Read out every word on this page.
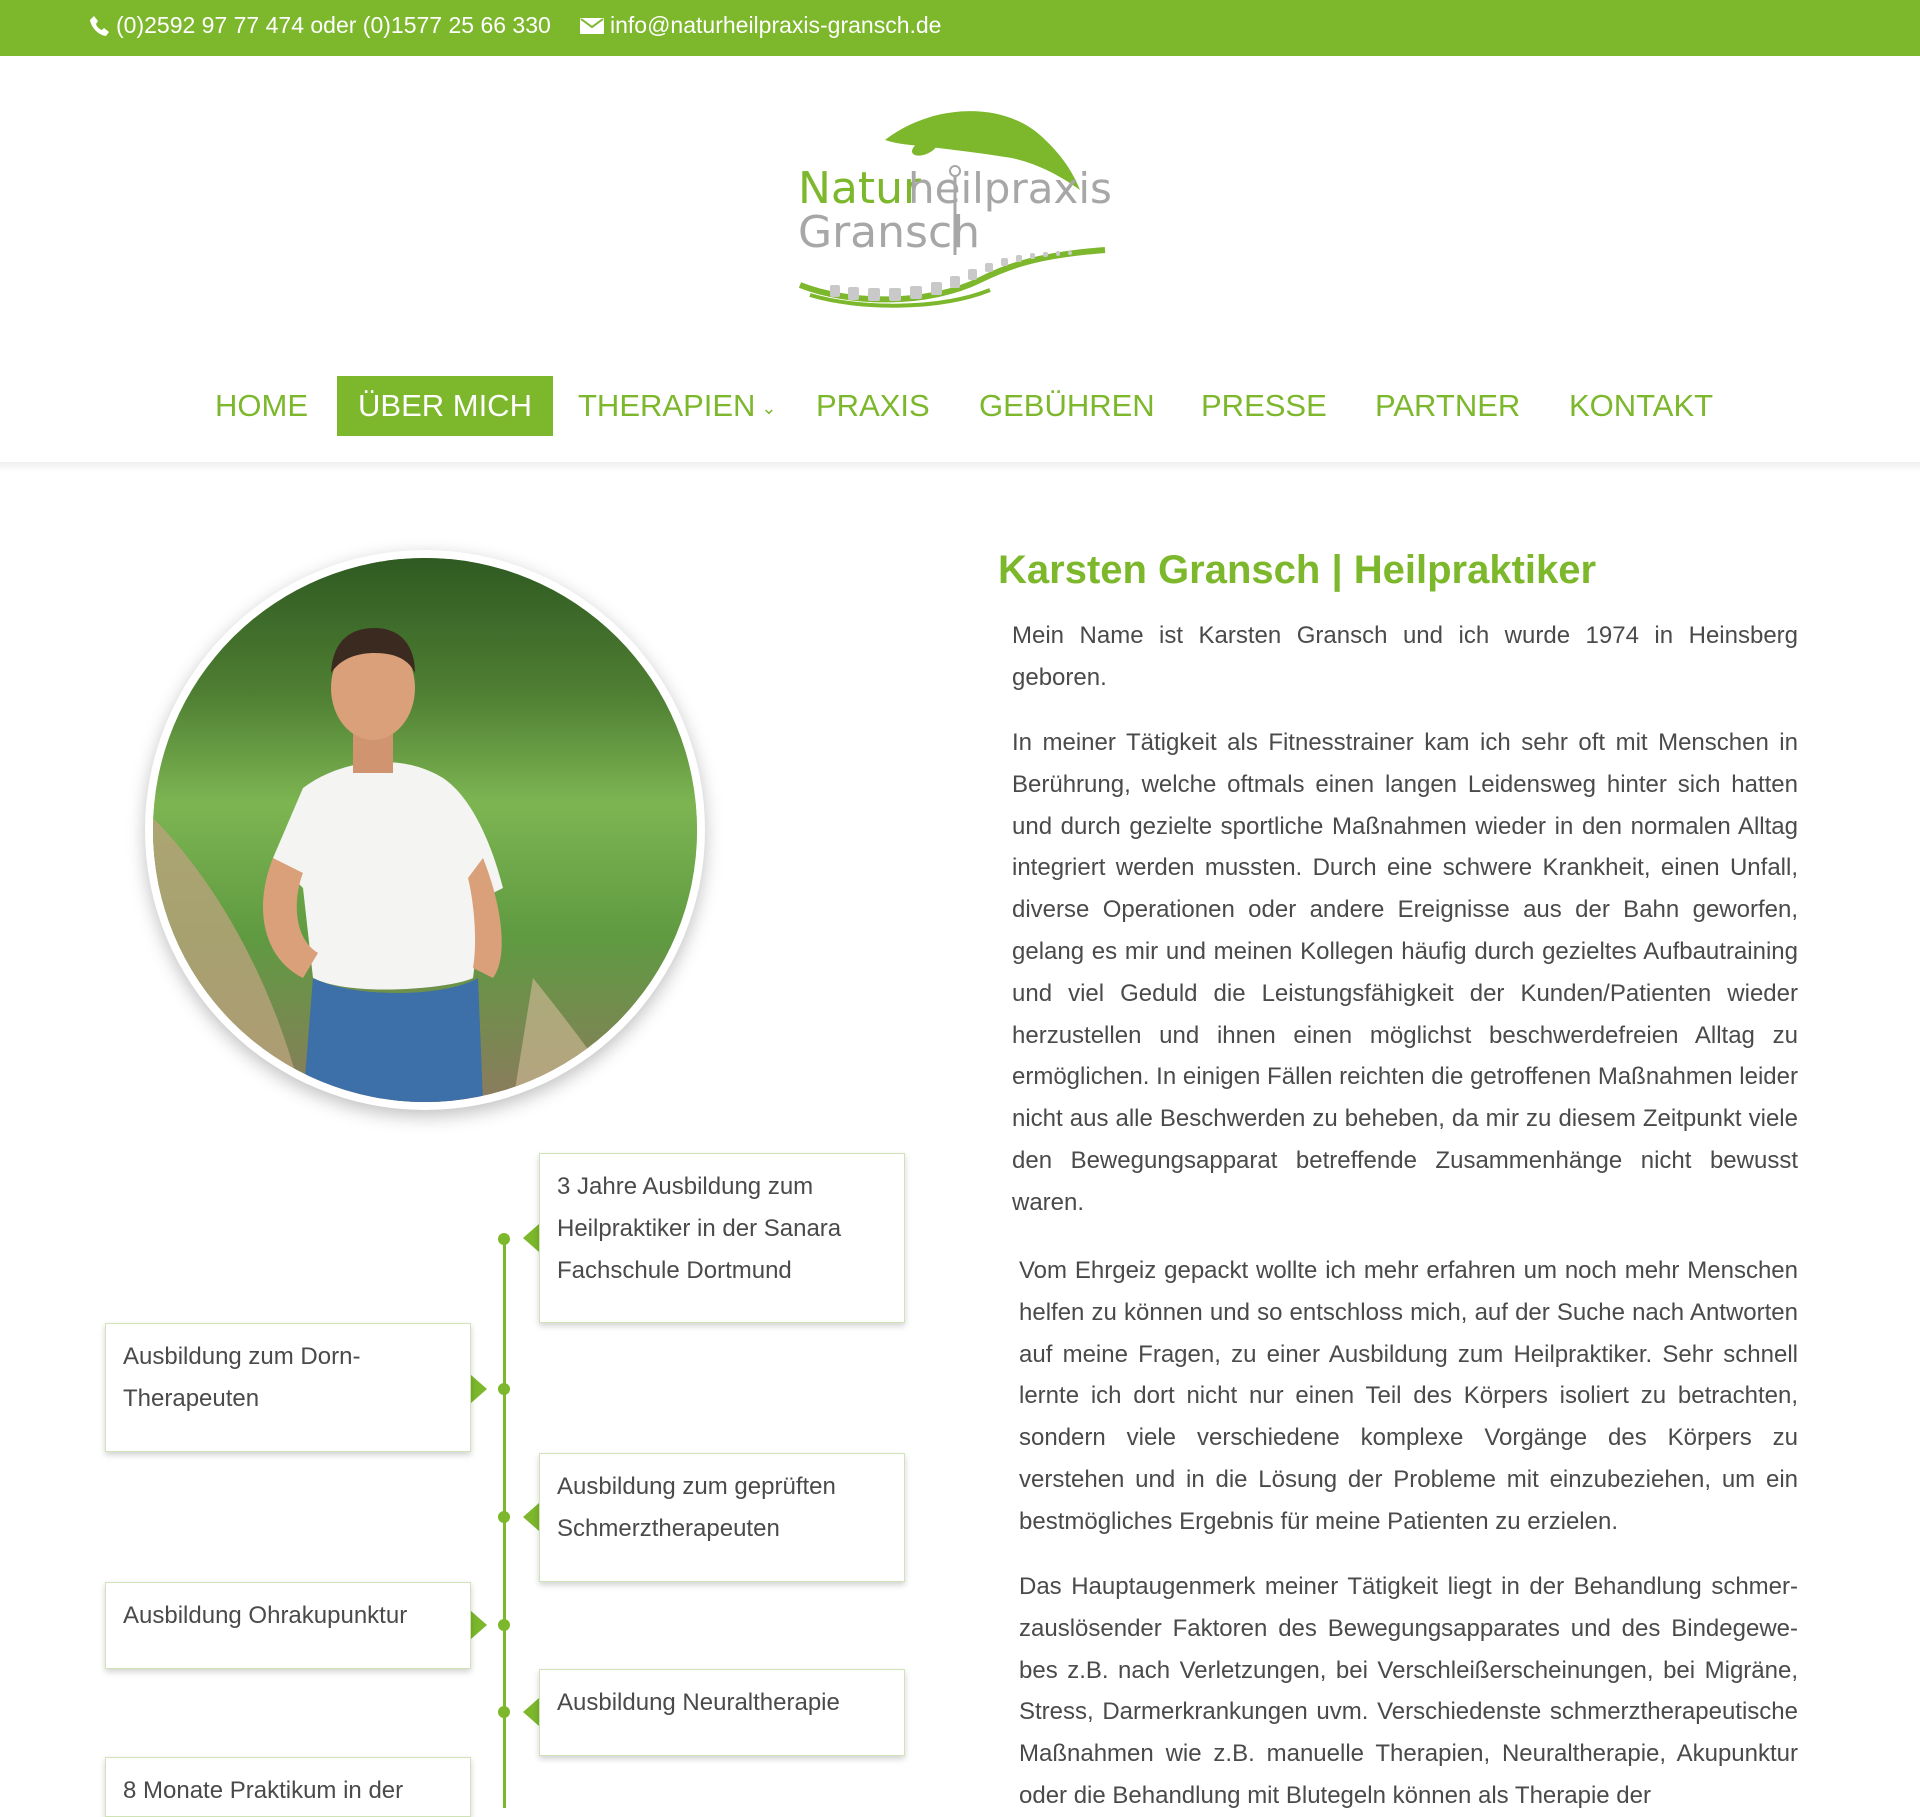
(0)2592 97 77 474 oder (0)1577 25 66 330	info@naturheilpraxis-gransch.de
Natur
heilpraxis
Gransch
HOME	ÜBER MICH	THERAPIEN ⌄ PRAXIS GEBÜHREN PRESSE PARTNER KONTAKT
3 Jahre Ausbildung zum Heilpraktiker in der Sanara Fachschule Dortmund
Ausbildung zum Dorn-Therapeuten
Ausbildung zum geprüften Schmerztherapeuten
Ausbildung Ohrakupunktur
Ausbildung Neuraltherapie
8 Monate Praktikum in der
Karsten Gransch | Heilpraktiker

Mein Name ist Karsten Gransch und ich wurde 1974 in Heinsberg geboren.

In meiner Tätigkeit als Fitnesstrainer kam ich sehr oft mit Menschen in Berührung, welche oftmals einen langen Leidensweg hinter sich hatten und durch gezielte sportliche Maßnahmen wieder in den normalen Alltag integriert werden mussten. Durch eine schwere Krankheit, einen Unfall, diverse Operationen oder andere Ereignisse aus der Bahn geworfen, gelang es mir und meinen Kollegen häufig durch gezieltes Aufbautraining und viel Geduld die Leistungsfähigkeit der Kunden/Patienten wieder herzustellen und ihnen einen möglichst beschwerdefreien Alltag zu ermöglichen. In einigen Fällen reichten die getroffenen Maßnahmen leider nicht aus alle Beschwerden zu beheben, da mir zu diesem Zeitpunkt viele den Bewegungsapparat betreffende Zusammenhänge nicht bewusst waren.

Vom Ehrgeiz gepackt wollte ich mehr erfahren um noch mehr Menschen helfen zu können und so entschloss mich, auf der Suche nach Antworten auf meine Fragen, zu einer Ausbildung zum Heilpraktiker. Sehr schnell lernte ich dort nicht nur einen Teil des Körpers isoliert zu betrachten, sondern viele verschiedene komplexe Vorgänge des Körpers zu verstehen und in die Lösung der Probleme mit einzubeziehen, um ein bestmögliches Ergebnis für meine Patienten zu erzielen.

Das Hauptaugenmerk meiner Tätigkeit liegt in der Behandlung schmerzauslösender Faktoren des Bewegungsapparates und des Bindegewebes z.B. nach Verletzungen, bei Verschleißerscheinungen, bei Migräne, Stress, Darmerkrankungen uvm. Verschiedenste schmerztherapeutische Maßnahmen wie z.B. manuelle Therapien, Neuraltherapie, Akupunktur oder die Behandlung mit Blutegeln können als Therapie der
